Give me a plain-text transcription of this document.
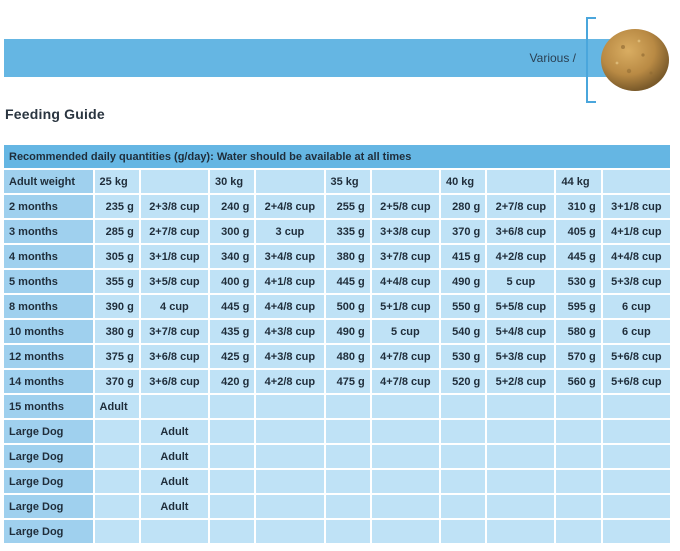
Various /
Feeding Guide
Recommended daily quantities (g/day): Water should be available at all times										
Adult weight	25 kg		30 kg		35 kg		40 kg		44 kg	
2 months	235 g	2+3/8 cup	240 g	2+4/8 cup	255 g	2+5/8 cup	280 g	2+7/8 cup	310 g	3+1/8 cup
3 months	285 g	2+7/8 cup	300 g	3 cup	335 g	3+3/8 cup	370 g	3+6/8 cup	405 g	4+1/8 cup
4 months	305 g	3+1/8 cup	340 g	3+4/8 cup	380 g	3+7/8 cup	415 g	4+2/8 cup	445 g	4+4/8 cup
5 months	355 g	3+5/8 cup	400 g	4+1/8 cup	445 g	4+4/8 cup	490 g	5 cup	530 g	5+3/8 cup
8 months	390 g	4 cup	445 g	4+4/8 cup	500 g	5+1/8 cup	550 g	5+5/8 cup	595 g	6 cup
10 months	380 g	3+7/8 cup	435 g	4+3/8 cup	490 g	5 cup	540 g	5+4/8 cup	580 g	6 cup
12 months	375 g	3+6/8 cup	425 g	4+3/8 cup	480 g	4+7/8 cup	530 g	5+3/8 cup	570 g	5+6/8 cup
14 months	370 g	3+6/8 cup	420 g	4+2/8 cup	475 g	4+7/8 cup	520 g	5+2/8 cup	560 g	5+6/8 cup
15 months	Adult									
Large Dog		Adult								
Large Dog		Adult								
Large Dog		Adult								
Large Dog		Adult								
Large Dog										
